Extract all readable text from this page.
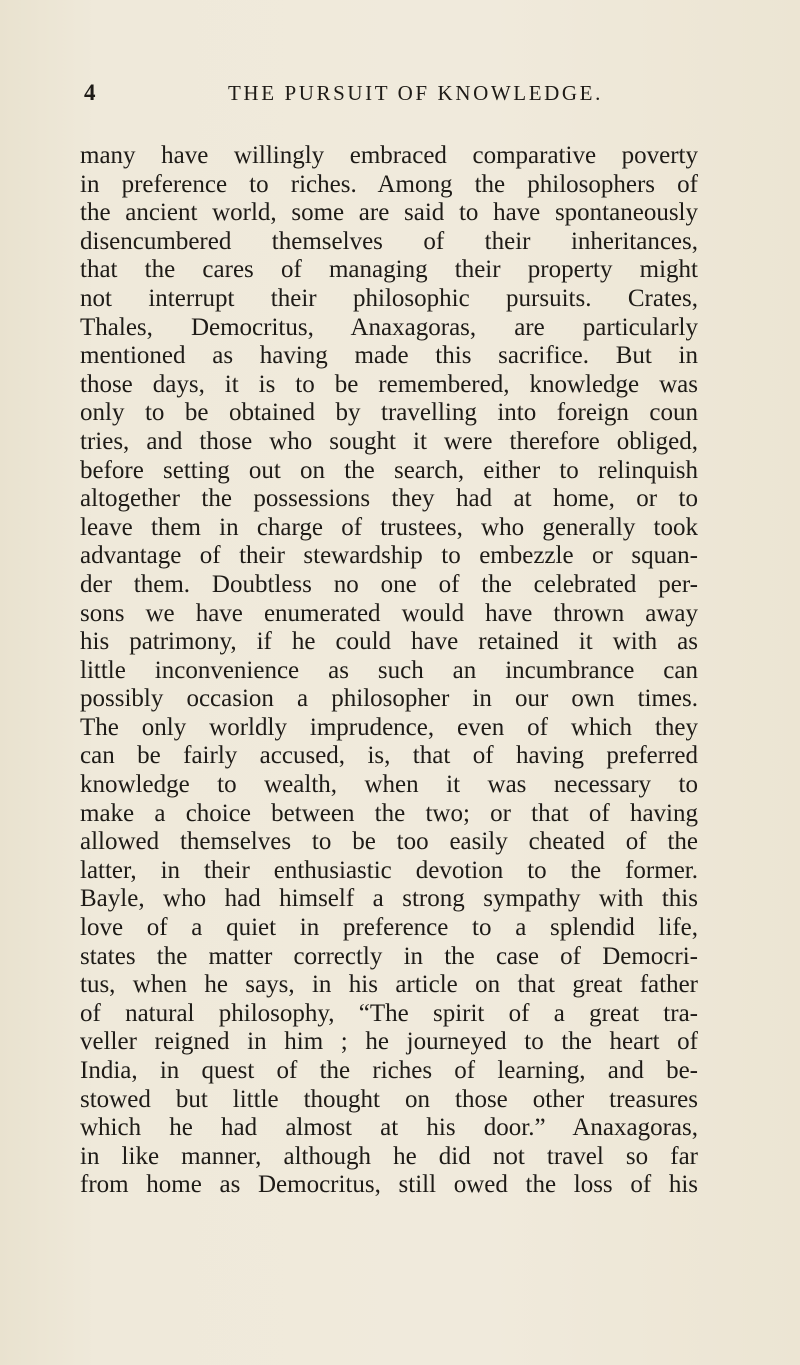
4	THE PURSUIT OF KNOWLEDGE.
many have willingly embraced comparative poverty
in preference to riches. Among the philosophers of
the ancient world, some are said to have spontaneously
disencumbered themselves of their inheritances,
that the cares of managing their property might
not interrupt their philosophic pursuits. Crates,
Thales, Democritus, Anaxagoras, are particularly
mentioned as having made this sacrifice. But in
those days, it is to be remembered, knowledge was
only to be obtained by travelling into foreign coun
tries, and those who sought it were therefore obliged,
before setting out on the search, either to relinquish
altogether the possessions they had at home, or to
leave them in charge of trustees, who generally took
advantage of their stewardship to embezzle or squan-
der them. Doubtless no one of the celebrated per-
sons we have enumerated would have thrown away
his patrimony, if he could have retained it with as
little inconvenience as such an incumbrance can
possibly occasion a philosopher in our own times.
The only worldly imprudence, even of which they
can be fairly accused, is, that of having preferred
knowledge to wealth, when it was necessary to
make a choice between the two; or that of having
allowed themselves to be too easily cheated of the
latter, in their enthusiastic devotion to the former.
Bayle, who had himself a strong sympathy with this
love of a quiet in preference to a splendid life,
states the matter correctly in the case of Democri-
tus, when he says, in his article on that great father
of natural philosophy, “The spirit of a great tra-
veller reigned in him ; he journeyed to the heart of
India, in quest of the riches of learning, and be-
stowed but little thought on those other treasures
which he had almost at his door.” Anaxagoras,
in like manner, although he did not travel so far
from home as Democritus, still owed the loss of his
